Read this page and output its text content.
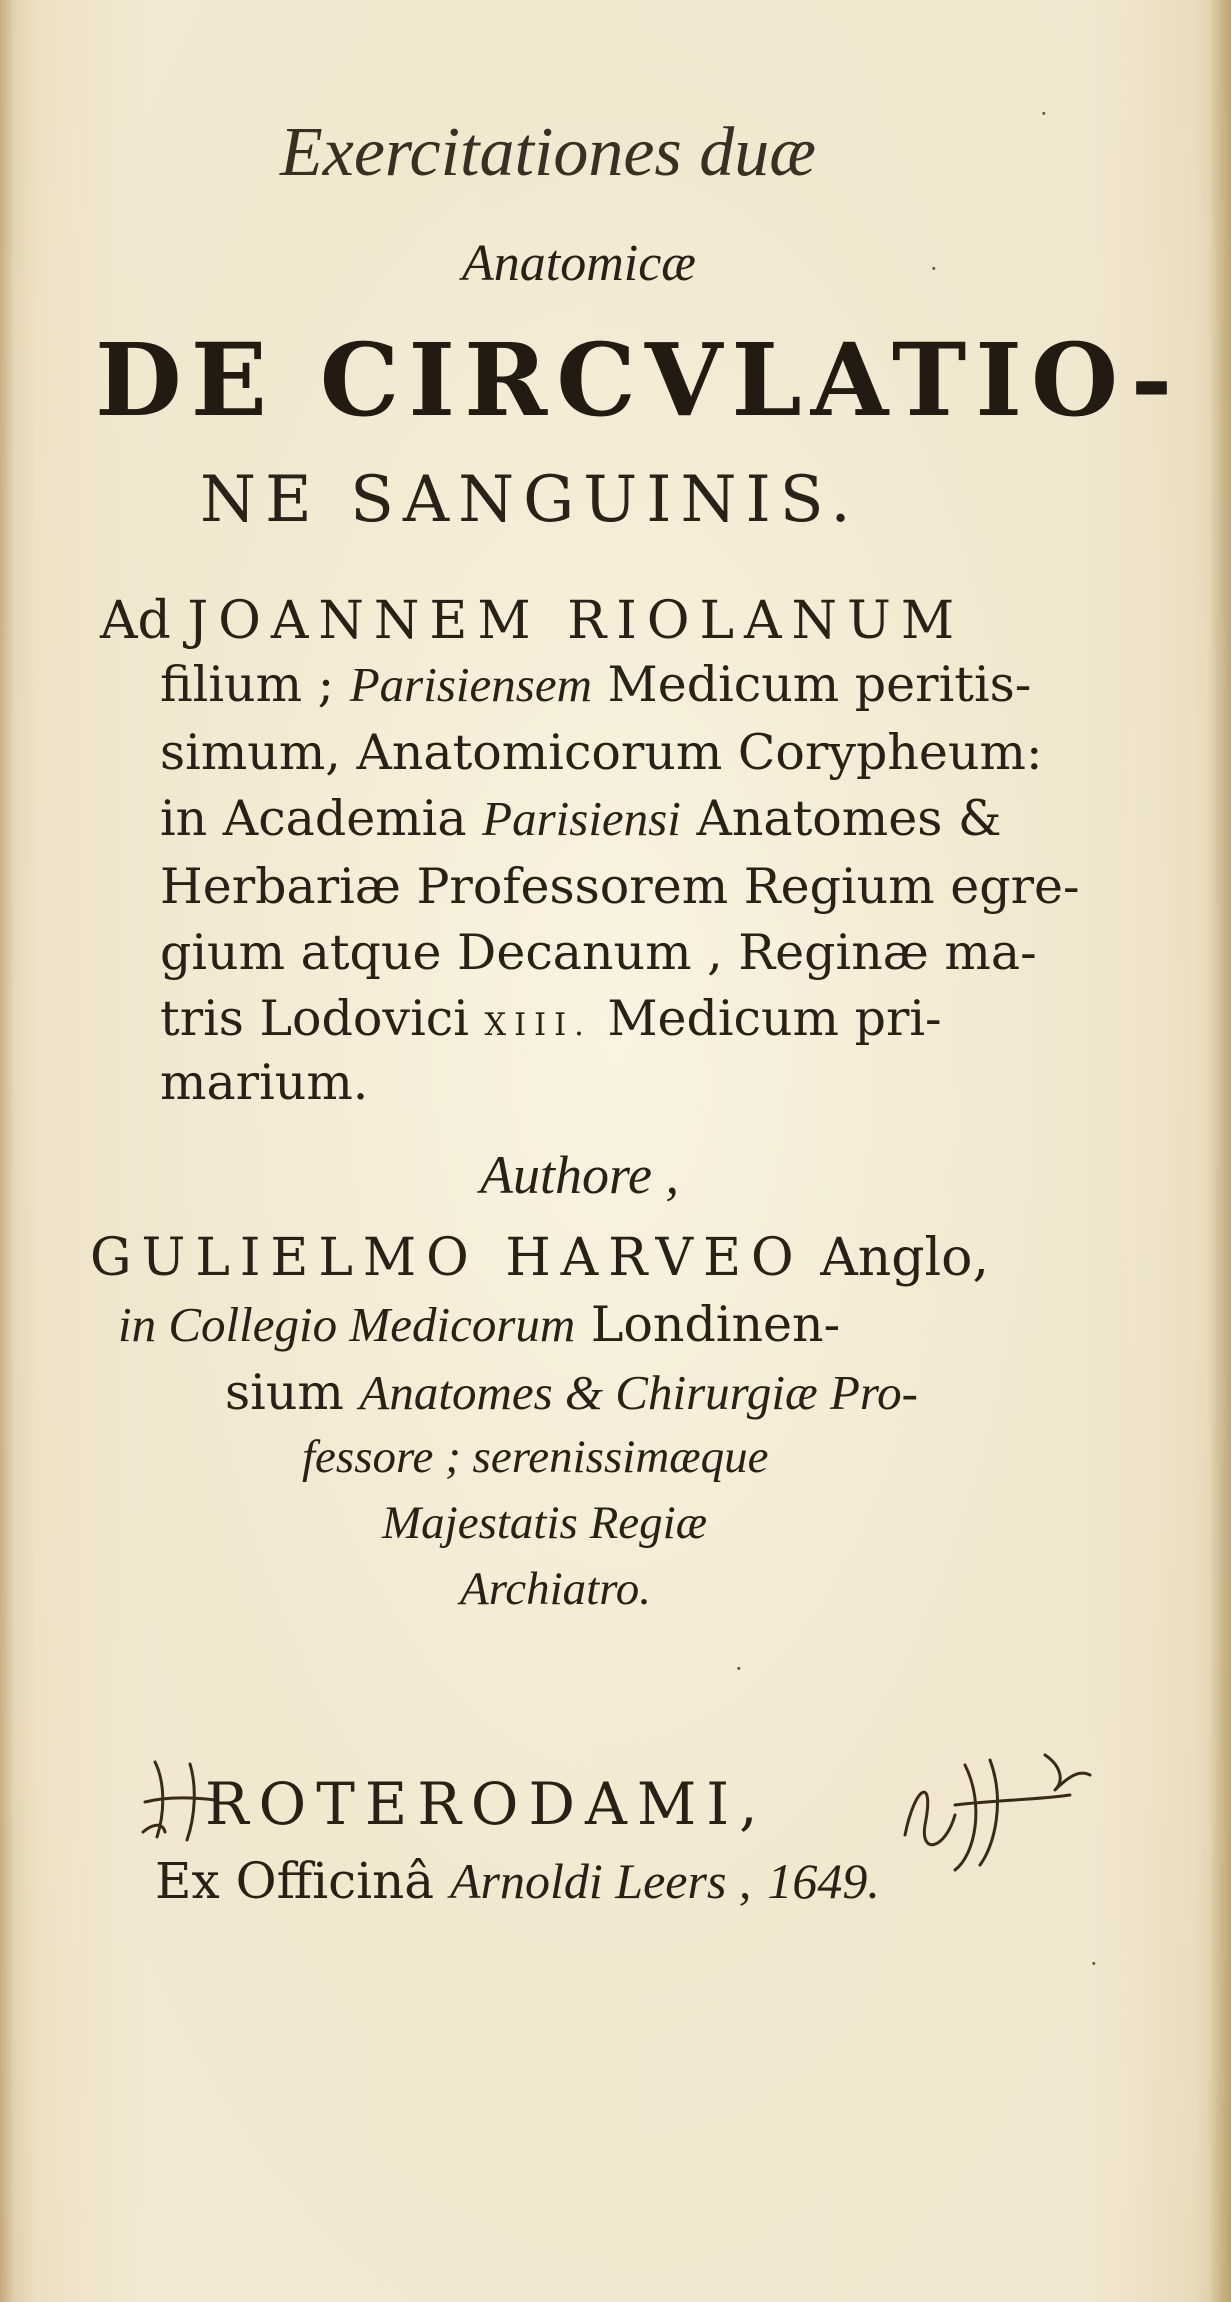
Exercitationes duæ
Anatomicæ
DE CIRCVLATIO-
NE SANGUINIS.
Ad JOANNEM RIOLANUM
filium ; Parisiensem Medicum peritis-
simum, Anatomicorum Corypheum:
in Academia Parisiensi Anatomes &
Herbariæ Professorem Regium egre-
gium atque Decanum , Reginæ ma-
tris Lodovici XIII. Medicum pri-
marium.
Authore ,
GULIELMO HARVEO Anglo,
in Collegio Medicorum Londinen-
sium Anatomes & Chirurgiæ Pro-
fessore ; serenissimæque
Majestatis Regiæ
Archiatro.
ROTERODAMI,
Ex Officinâ Arnoldi Leers , 1649.
·
·
·
·
